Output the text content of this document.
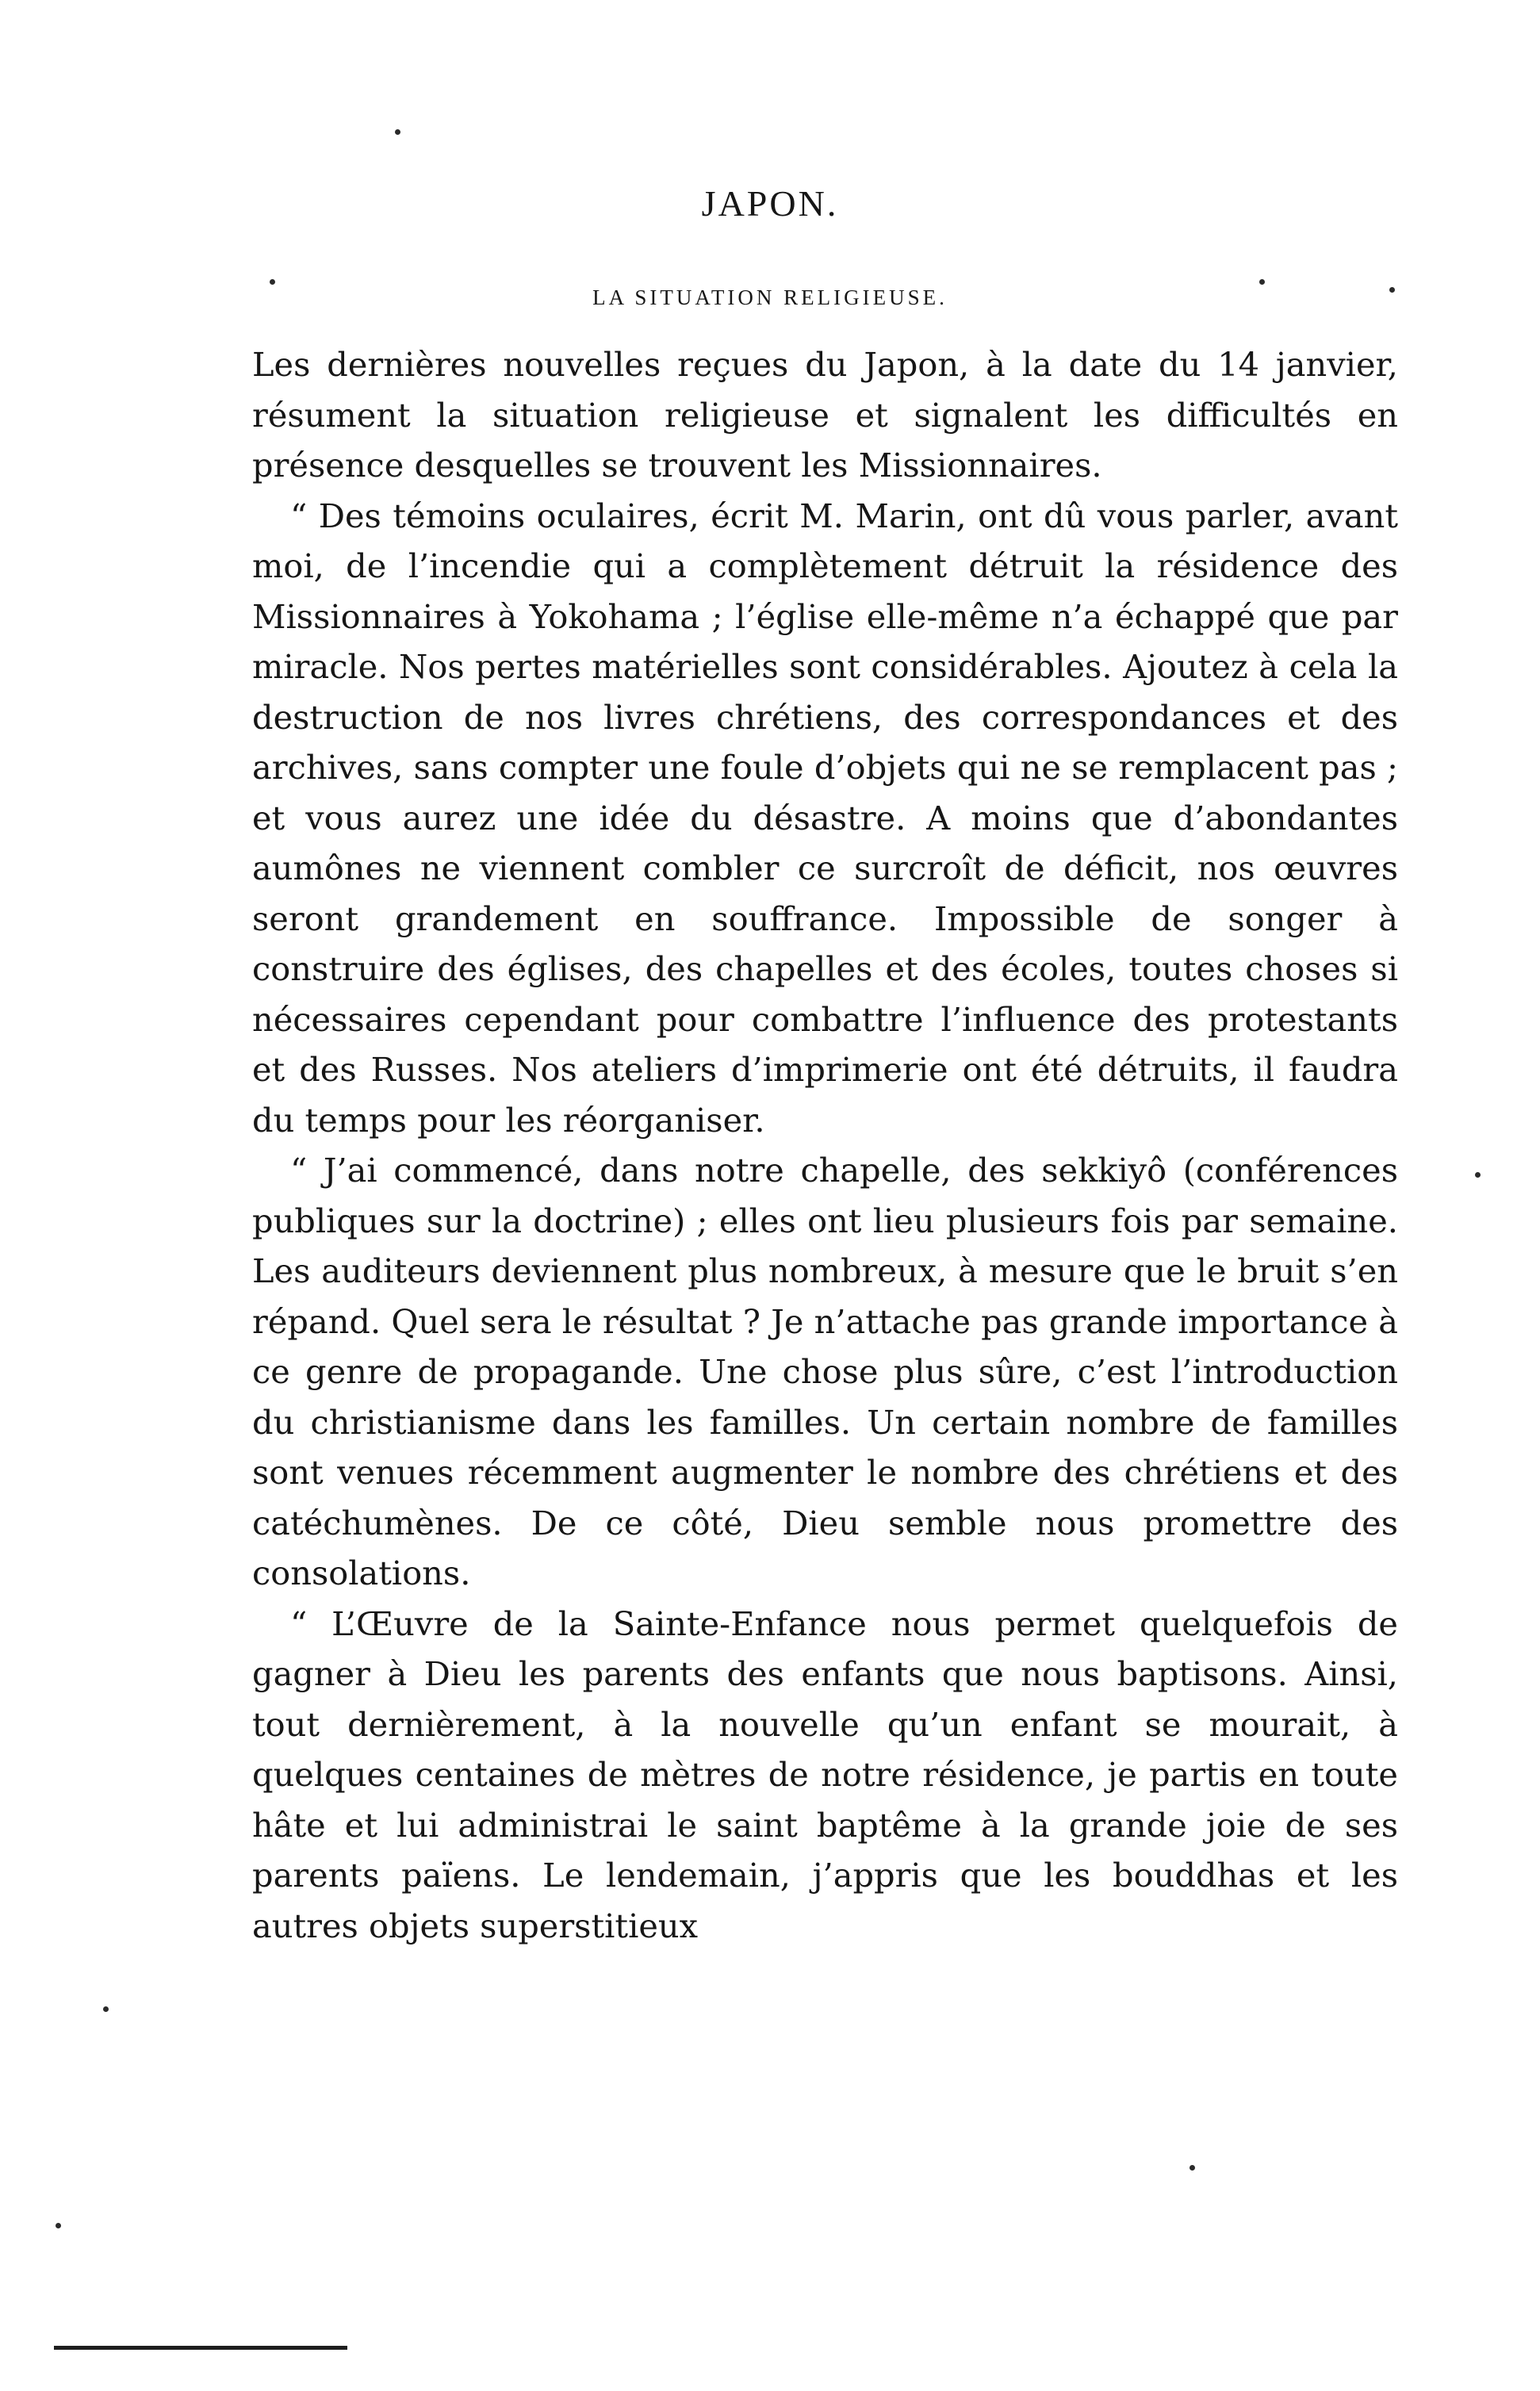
JAPON.
LA SITUATION RELIGIEUSE.

Les dernières nouvelles reçues du Japon, à la date du 14 janvier, résument la situation religieuse et signalent les difficultés en présence desquelles se trouvent les Missionnaires.

“ Des témoins oculaires, écrit M. Marin, ont dû vous parler, avant moi, de l’incendie qui a complètement détruit la résidence des Missionnaires à Yokohama ; l’église elle-même n’a échappé que par miracle. Nos pertes matérielles sont considérables. Ajoutez à cela la destruction de nos livres chrétiens, des correspondances et des archives, sans compter une foule d’objets qui ne se remplacent pas ; et vous aurez une idée du désastre. A moins que d’abondantes aumônes ne viennent combler ce surcroît de déficit, nos œuvres seront grandement en souffrance. Impossible de songer à construire des églises, des chapelles et des écoles, toutes choses si nécessaires cependant pour combattre l’influence des protestants et des Russes. Nos ateliers d’imprimerie ont été détruits, il faudra du temps pour les réorganiser.

“ J’ai commencé, dans notre chapelle, des sekkiyô (conférences publiques sur la doctrine) ; elles ont lieu plusieurs fois par semaine. Les auditeurs deviennent plus nombreux, à mesure que le bruit s’en répand. Quel sera le résultat ? Je n’attache pas grande importance à ce genre de propagande. Une chose plus sûre, c’est l’introduction du christianisme dans les familles. Un certain nombre de familles sont venues récemment augmenter le nombre des chrétiens et des catéchumènes. De ce côté, Dieu semble nous promettre des consolations.

“ L’Œuvre de la Sainte-Enfance nous permet quelquefois de gagner à Dieu les parents des enfants que nous baptisons. Ainsi, tout dernièrement, à la nouvelle qu’un enfant se mourait, à quelques centaines de mètres de notre résidence, je partis en toute hâte et lui administrai le saint baptême à la grande joie de ses parents païens. Le lendemain, j’appris que les bouddhas et les autres objets superstitieux
